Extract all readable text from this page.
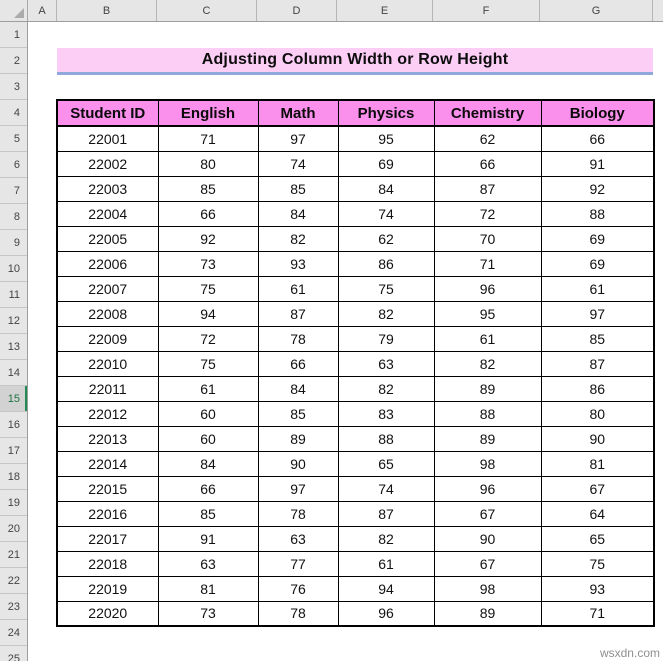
A	B	C	D	E	F	G
1
2
3
4
5
6
7
8
9
10
11
12
13
14
15
16
17
18
19
20
21
22
23
24
25
Adjusting Column Width or Row Height
Student ID	English	Math	Physics	Chemistry	Biology
22001	71	97	95	62	66
22002	80	74	69	66	91
22003	85	85	84	87	92
22004	66	84	74	72	88
22005	92	82	62	70	69
22006	73	93	86	71	69
22007	75	61	75	96	61
22008	94	87	82	95	97
22009	72	78	79	61	85
22010	75	66	63	82	87
22011	61	84	82	89	86
22012	60	85	83	88	80
22013	60	89	88	89	90
22014	84	90	65	98	81
22015	66	97	74	96	67
22016	85	78	87	67	64
22017	91	63	82	90	65
22018	63	77	61	67	75
22019	81	76	94	98	93
22020	73	78	96	89	71
wsxdn.com
